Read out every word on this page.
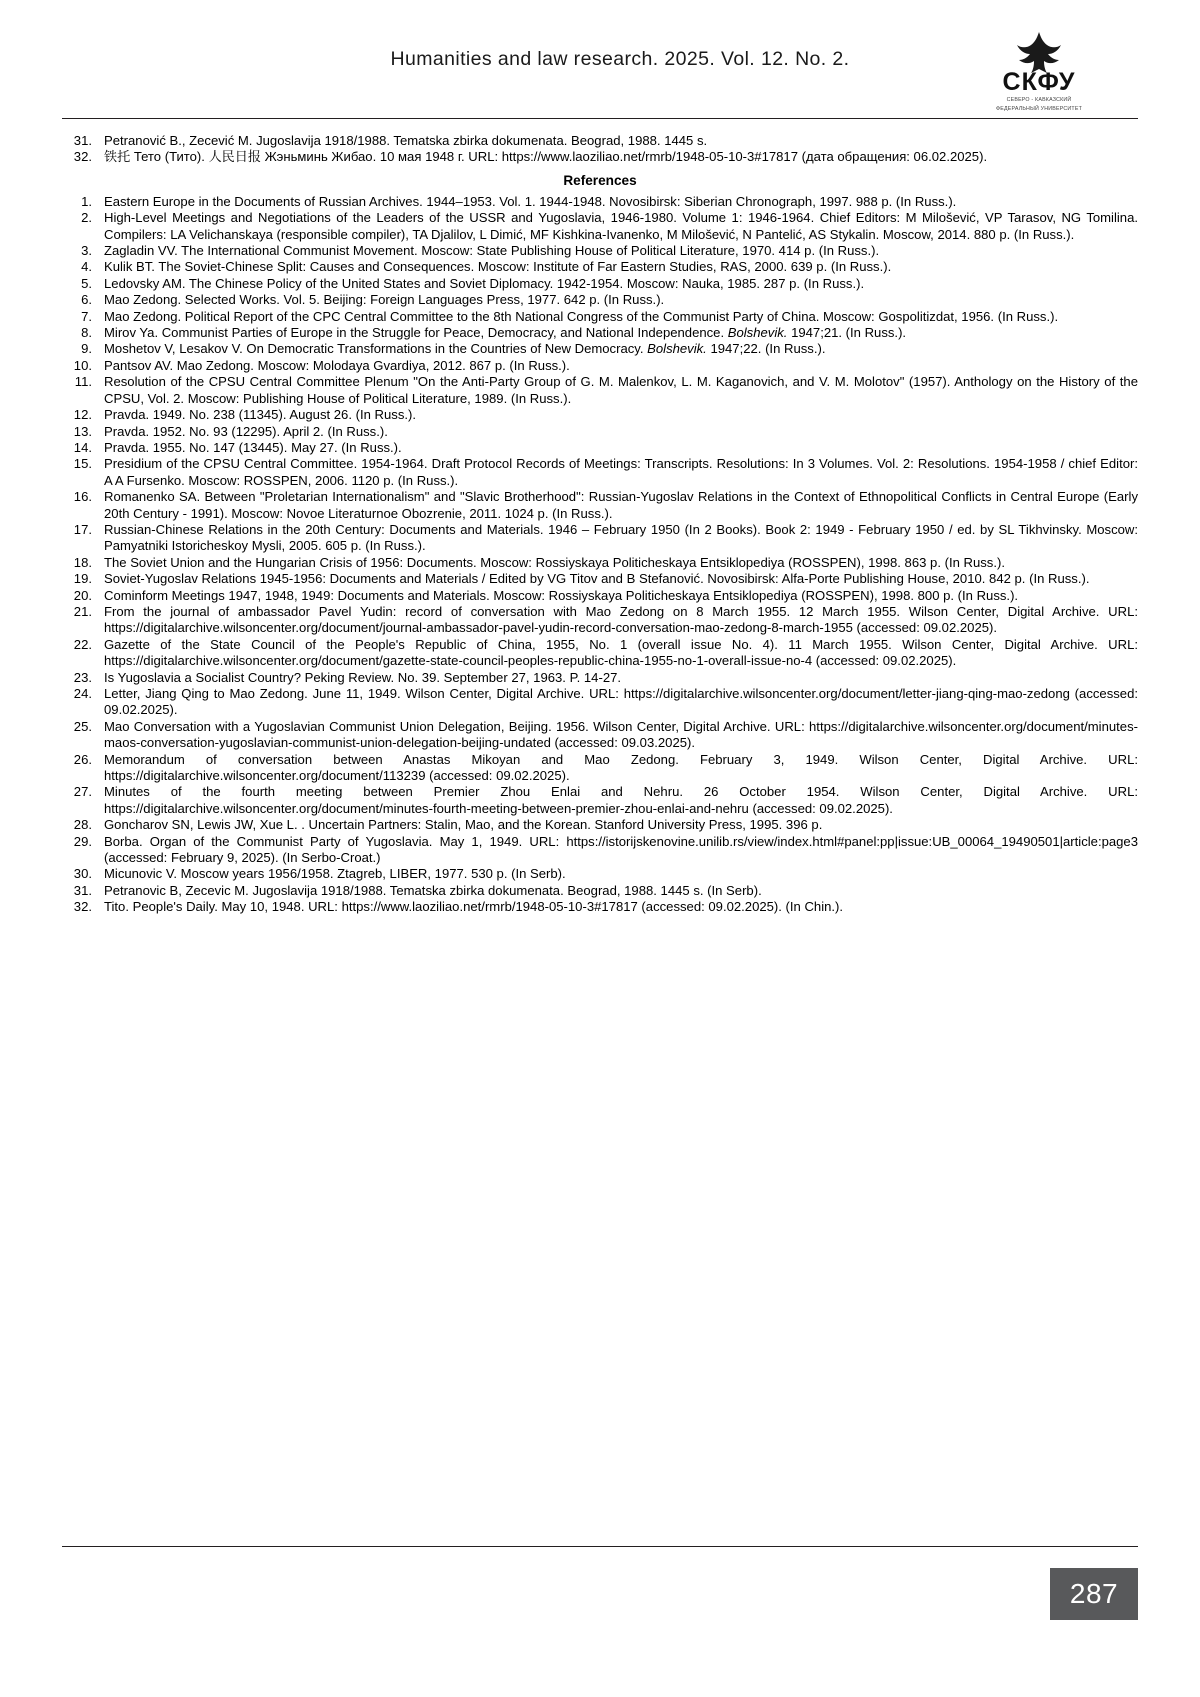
Humanities and law research. 2025. Vol. 12. No. 2.
СКФУ
СЕВЕРО - КАВКАЗСКИЙ
ФЕДЕРАЛЬНЫЙ УНИВЕРСИТЕТ
31. Petranović B., Zecević M. Jugoslavija 1918/1988. Tematska zbirka dokumenata. Beograd, 1988. 1445 s.
32. 铁托 Тето (Тито). 人民日报 Жэньминь Жибао. 10 мая 1948 г. URL: https://www.laoziliao.net/rmrb/1948-05-10-3#17817 (дата обращения: 06.02.2025).
References
1. Eastern Europe in the Documents of Russian Archives. 1944–1953. Vol. 1. 1944-1948. Novosibirsk: Siberian Chronograph, 1997. 988 p. (In Russ.).
2. High-Level Meetings and Negotiations of the Leaders of the USSR and Yugoslavia, 1946-1980. Volume 1: 1946-1964. Chief Editors: M Milošević, VP Tarasov, NG Tomilina. Compilers: LA Velichanskaya (responsible compiler), TA Djalilov, L Dimić, MF Kishkina-Ivanenko, M Milošević, N Pantelić, AS Stykalin. Moscow, 2014. 880 p. (In Russ.).
3. Zagladin VV. The International Communist Movement. Moscow: State Publishing House of Political Literature, 1970. 414 p. (In Russ.).
4. Kulik BT. The Soviet-Chinese Split: Causes and Consequences. Moscow: Institute of Far Eastern Studies, RAS, 2000. 639 p. (In Russ.).
5. Ledovsky AM. The Chinese Policy of the United States and Soviet Diplomacy. 1942-1954. Moscow: Nauka, 1985. 287 p. (In Russ.).
6. Mao Zedong. Selected Works. Vol. 5. Beijing: Foreign Languages Press, 1977. 642 p. (In Russ.).
7. Mao Zedong. Political Report of the CPC Central Committee to the 8th National Congress of the Communist Party of China. Moscow: Gospolitizdat, 1956. (In Russ.).
8. Mirov Ya. Communist Parties of Europe in the Struggle for Peace, Democracy, and National Independence. Bolshevik. 1947;21. (In Russ.).
9. Moshetov V, Lesakov V. On Democratic Transformations in the Countries of New Democracy. Bolshevik. 1947;22. (In Russ.).
10. Pantsov AV. Mao Zedong. Moscow: Molodaya Gvardiya, 2012. 867 p. (In Russ.).
11. Resolution of the CPSU Central Committee Plenum "On the Anti-Party Group of G. M. Malenkov, L. M. Kaganovich, and V. M. Molotov" (1957). Anthology on the History of the CPSU, Vol. 2. Moscow: Publishing House of Political Literature, 1989. (In Russ.).
12. Pravda. 1949. No. 238 (11345). August 26. (In Russ.).
13. Pravda. 1952. No. 93 (12295). April 2. (In Russ.).
14. Pravda. 1955. No. 147 (13445). May 27. (In Russ.).
15. Presidium of the CPSU Central Committee. 1954-1964. Draft Protocol Records of Meetings: Transcripts. Resolutions: In 3 Volumes. Vol. 2: Resolutions. 1954-1958 / chief Editor: A A Fursenko. Moscow: ROSSPEN, 2006. 1120 p. (In Russ.).
16. Romanenko SA. Between "Proletarian Internationalism" and "Slavic Brotherhood": Russian-Yugoslav Relations in the Context of Ethnopolitical Conflicts in Central Europe (Early 20th Century - 1991). Moscow: Novoe Literaturnoe Obozrenie, 2011. 1024 p. (In Russ.).
17. Russian-Chinese Relations in the 20th Century: Documents and Materials. 1946 – February 1950 (In 2 Books). Book 2: 1949 - February 1950 / ed. by SL Tikhvinsky. Moscow: Pamyatniki Istoricheskoy Mysli, 2005. 605 p. (In Russ.).
18. The Soviet Union and the Hungarian Crisis of 1956: Documents. Moscow: Rossiyskaya Politicheskaya Entsiklopediya (ROSSPEN), 1998. 863 p. (In Russ.).
19. Soviet-Yugoslav Relations 1945-1956: Documents and Materials / Edited by VG Titov and B Stefanović. Novosibirsk: Alfa-Porte Publishing House, 2010. 842 p. (In Russ.).
20. Cominform Meetings 1947, 1948, 1949: Documents and Materials. Moscow: Rossiyskaya Politicheskaya Entsiklopediya (ROSSPEN), 1998. 800 p. (In Russ.).
21. From the journal of ambassador Pavel Yudin: record of conversation with Mao Zedong on 8 March 1955. 12 March 1955. Wilson Center, Digital Archive. URL: https://digitalarchive.wilsoncenter.org/document/journal-ambassador-pavel-yudin-record-conversation-mao-zedong-8-march-1955 (accessed: 09.02.2025).
22. Gazette of the State Council of the People's Republic of China, 1955, No. 1 (overall issue No. 4). 11 March 1955. Wilson Center, Digital Archive. URL: https://digitalarchive.wilsoncenter.org/document/gazette-state-council-peoples-republic-china-1955-no-1-overall-issue-no-4 (accessed: 09.02.2025).
23. Is Yugoslavia a Socialist Country? Peking Review. No. 39. September 27, 1963. P. 14-27.
24. Letter, Jiang Qing to Mao Zedong. June 11, 1949. Wilson Center, Digital Archive. URL: https://digitalarchive.wilsoncenter.org/document/letter-jiang-qing-mao-zedong (accessed: 09.02.2025).
25. Mao Conversation with a Yugoslavian Communist Union Delegation, Beijing. 1956. Wilson Center, Digital Archive. URL: https://digitalarchive.wilsoncenter.org/document/minutes-maos-conversation-yugoslavian-communist-union-delegation-beijing-undated (accessed: 09.03.2025).
26. Memorandum of conversation between Anastas Mikoyan and Mao Zedong. February 3, 1949. Wilson Center, Digital Archive. URL: https://digitalarchive.wilsoncenter.org/document/113239 (accessed: 09.02.2025).
27. Minutes of the fourth meeting between Premier Zhou Enlai and Nehru. 26 October 1954. Wilson Center, Digital Archive. URL: https://digitalarchive.wilsoncenter.org/document/minutes-fourth-meeting-between-premier-zhou-enlai-and-nehru (accessed: 09.02.2025).
28. Goncharov SN, Lewis JW, Xue L. . Uncertain Partners: Stalin, Mao, and the Korean. Stanford University Press, 1995. 396 p.
29. Borba. Organ of the Communist Party of Yugoslavia. May 1, 1949. URL: https://istorijskenovine.unilib.rs/view/index.html#panel:pp|issue:UB_00064_19490501|article:page3 (accessed: February 9, 2025). (In Serbo-Croat.)
30. Micunovic V. Moscow years 1956/1958. Ztagreb, LIBER, 1977. 530 p. (In Serb).
31. Petranovic B, Zecevic M. Jugoslavija 1918/1988. Tematska zbirka dokumenata. Beograd, 1988. 1445 s. (In Serb).
32. Tito. People's Daily. May 10, 1948. URL: https://www.laoziliao.net/rmrb/1948-05-10-3#17817 (accessed: 09.02.2025). (In Chin.).
287
